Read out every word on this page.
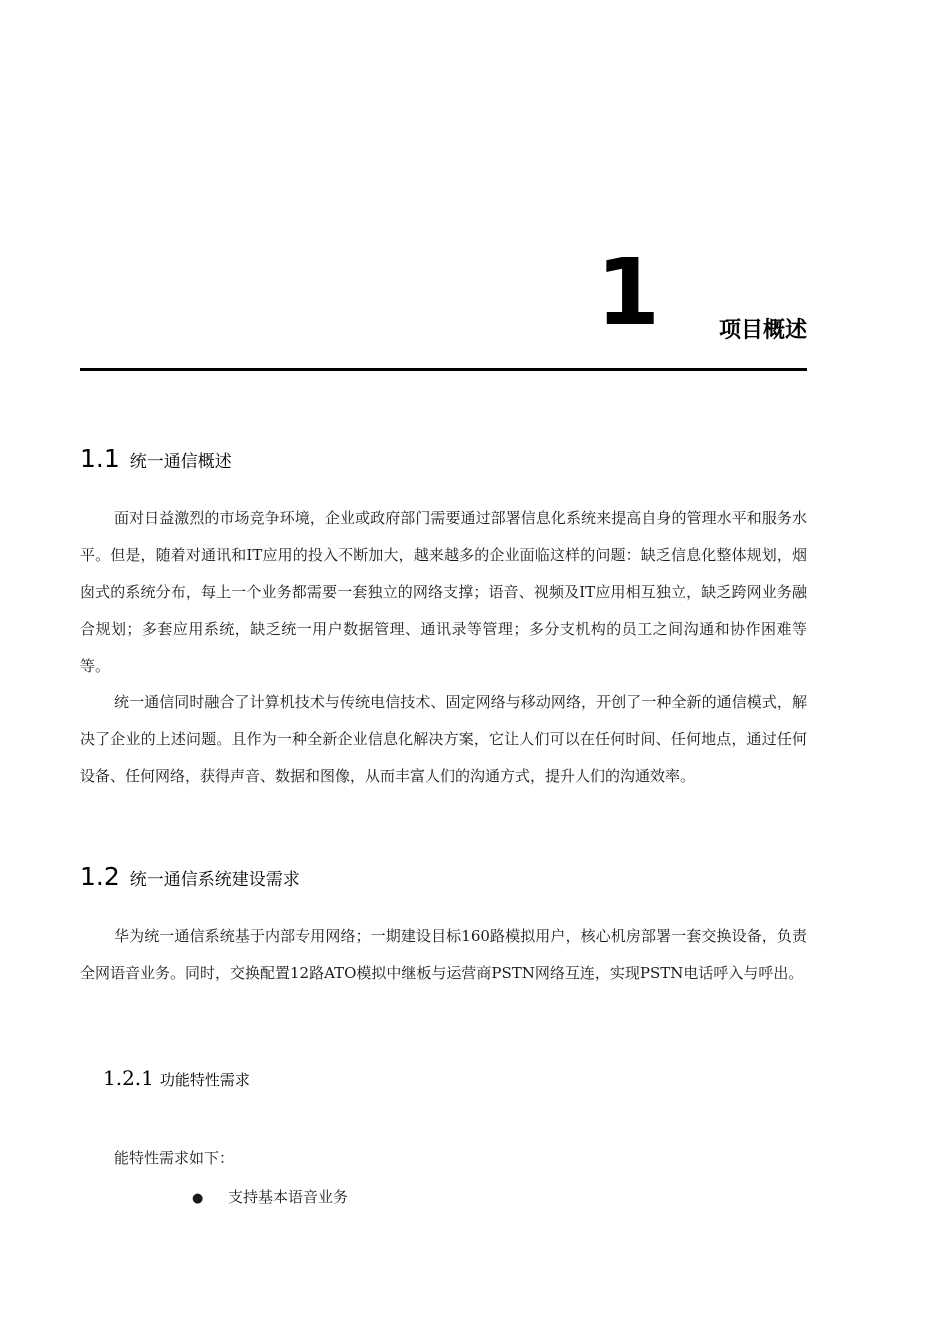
1	项目概述
1.1 统一通信概述

面对日益激烈的市场竞争环境，企业或政府部门需要通过部署信息化系统来提高自身的管理水平和服务水平。但是，随着对通讯和IT应用的投入不断加大，越来越多的企业面临这样的问题：缺乏信息化整体规划，烟囱式的系统分布，每上一个业务都需要一套独立的网络支撑；语音、视频及IT应用相互独立，缺乏跨网业务融合规划；多套应用系统，缺乏统一用户数据管理、通讯录等管理；多分支机构的员工之间沟通和协作困难等等。

统一通信同时融合了计算机技术与传统电信技术、固定网络与移动网络，开创了一种全新的通信模式，解决了企业的上述问题。且作为一种全新企业信息化解决方案，它让人们可以在任何时间、任何地点，通过任何设备、任何网络，获得声音、数据和图像，从而丰富人们的沟通方式，提升人们的沟通效率。

1.2 统一通信系统建设需求

华为统一通信系统基于内部专用网络；一期建设目标160路模拟用户，核心机房部署一套交换设备，负责全网语音业务。同时，交换配置12路ATO模拟中继板与运营商PSTN网络互连，实现PSTN电话呼入与呼出。

1.2.1 功能特性需求

能特性需求如下：

● 支持基本语音业务
